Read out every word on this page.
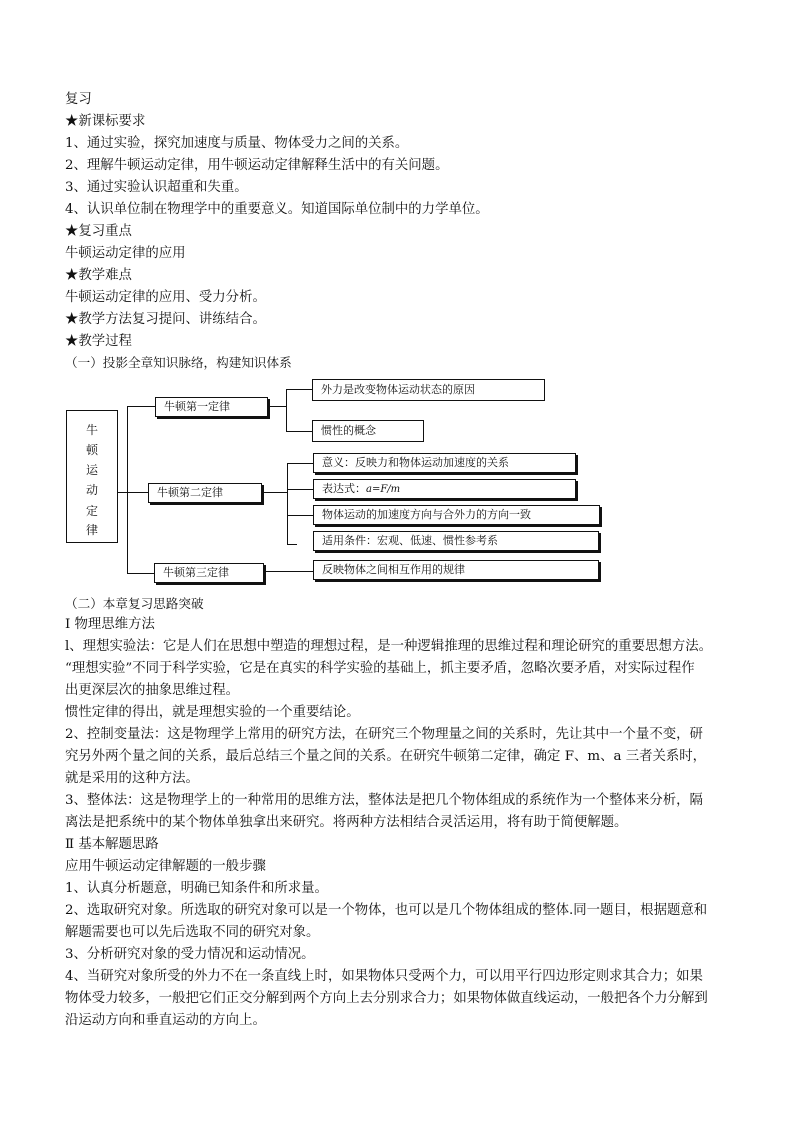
复习
★新课标要求
1、通过实验，探究加速度与质量、物体受力之间的关系。
2、理解牛顿运动定律，用牛顿运动定律解释生活中的有关问题。
3、通过实验认识超重和失重。
4、认识单位制在物理学中的重要意义。知道国际单位制中的力学单位。
★复习重点
牛顿运动定律的应用
★教学难点
牛顿运动定律的应用、受力分析。
★教学方法复习提问、讲练结合。
★教学过程
（一）投影全章知识脉络，构建知识体系
牛
顿
运
动
定
律
牛顿第一定律
外力是改变物体运动状态的原因
惯性的概念
牛顿第二定律
意义：反映力和物体运动加速度的关系
表达式：a=F/m
物体运动的加速度方向与合外力的方向一致
适用条件：宏观、低速、惯性参考系
牛顿第三定律	反映物体之间相互作用的规律
（二）本章复习思路突破
Ⅰ 物理思维方法
l、理想实验法：它是人们在思想中塑造的理想过程，是一种逻辑推理的思维过程和理论研究的重要思想方法。
“理想实验”不同于科学实验，它是在真实的科学实验的基础上，抓主要矛盾，忽略次要矛盾，对实际过程作
出更深层次的抽象思维过程。
惯性定律的得出，就是理想实验的一个重要结论。
2、控制变量法：这是物理学上常用的研究方法，在研究三个物理量之间的关系时，先让其中一个量不变，研
究另外两个量之间的关系，最后总结三个量之间的关系。在研究牛顿第二定律，确定 F、m、a 三者关系时，
就是采用的这种方法。
3、整体法：这是物理学上的一种常用的思维方法，整体法是把几个物体组成的系统作为一个整体来分析，隔
离法是把系统中的某个物体单独拿出来研究。将两种方法相结合灵活运用，将有助于简便解题。
Ⅱ 基本解题思路
应用牛顿运动定律解题的一般步骤
1、认真分析题意，明确已知条件和所求量。
2、选取研究对象。所选取的研究对象可以是一个物体，也可以是几个物体组成的整体.同一题目，根据题意和
解题需要也可以先后选取不同的研究对象。
3、分析研究对象的受力情况和运动情况。
4、当研究对象所受的外力不在一条直线上时，如果物体只受两个力，可以用平行四边形定则求其合力；如果
物体受力较多，一般把它们正交分解到两个方向上去分别求合力；如果物体做直线运动，一般把各个力分解到
沿运动方向和垂直运动的方向上。
